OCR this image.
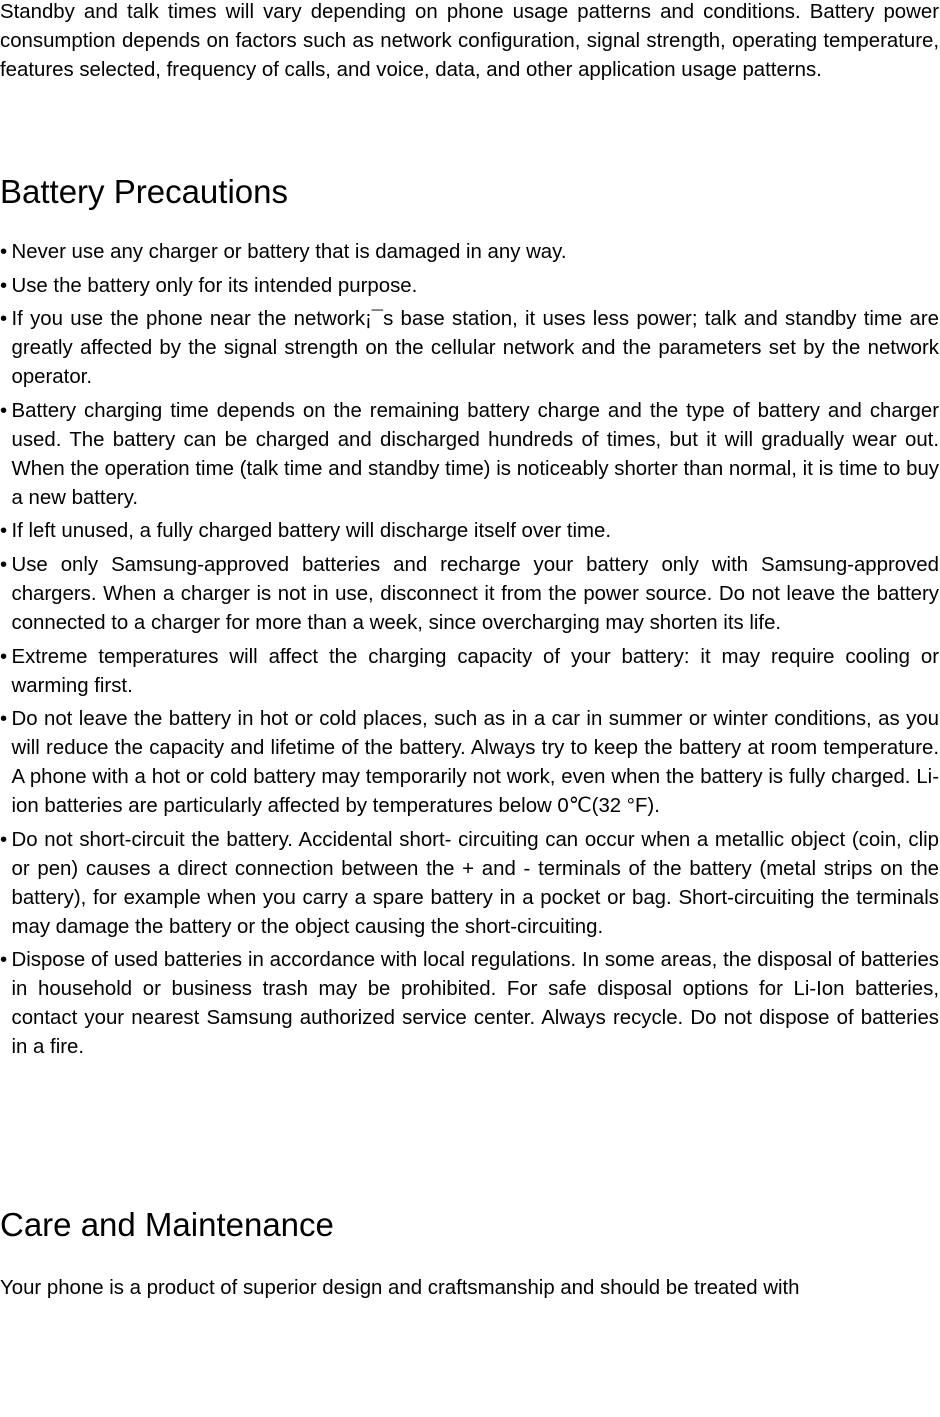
Standby and talk times will vary depending on phone usage patterns and conditions. Battery power consumption depends on factors such as network configuration, signal strength, operating temperature, features selected, frequency of calls, and voice, data, and other application usage patterns.

Battery Precautions
• Never use any charger or battery that is damaged in any way.
• Use the battery only for its intended purpose.
• If you use the phone near the network¡¯s base station, it uses less power; talk and standby time are greatly affected by the signal strength on the cellular network and the parameters set by the network operator.
• Battery charging time depends on the remaining battery charge and the type of battery and charger used. The battery can be charged and discharged hundreds of times, but it will gradually wear out. When the operation time (talk time and standby time) is noticeably shorter than normal, it is time to buy a new battery.
• If left unused, a fully charged battery will discharge itself over time.
• Use only Samsung-approved batteries and recharge your battery only with Samsung-approved chargers. When a charger is not in use, disconnect it from the power source. Do not leave the battery connected to a charger for more than a week, since overcharging may shorten its life.
• Extreme temperatures will affect the charging capacity of your battery: it may require cooling or warming first.
• Do not leave the battery in hot or cold places, such as in a car in summer or winter conditions, as you will reduce the capacity and lifetime of the battery. Always try to keep the battery at room temperature. A phone with a hot or cold battery may temporarily not work, even when the battery is fully charged. Li-ion batteries are particularly affected by temperatures below 0℃(32 °F).
• Do not short-circuit the battery. Accidental short- circuiting can occur when a metallic object (coin, clip or pen) causes a direct connection between the + and - terminals of the battery (metal strips on the battery), for example when you carry a spare battery in a pocket or bag. Short-circuiting the terminals may damage the battery or the object causing the short-circuiting.
• Dispose of used batteries in accordance with local regulations. In some areas, the disposal of batteries in household or business trash may be prohibited. For safe disposal options for Li-Ion batteries, contact your nearest Samsung authorized service center. Always recycle. Do not dispose of batteries in a fire.
Care and Maintenance

Your phone is a product of superior design and craftsmanship and should be treated with
